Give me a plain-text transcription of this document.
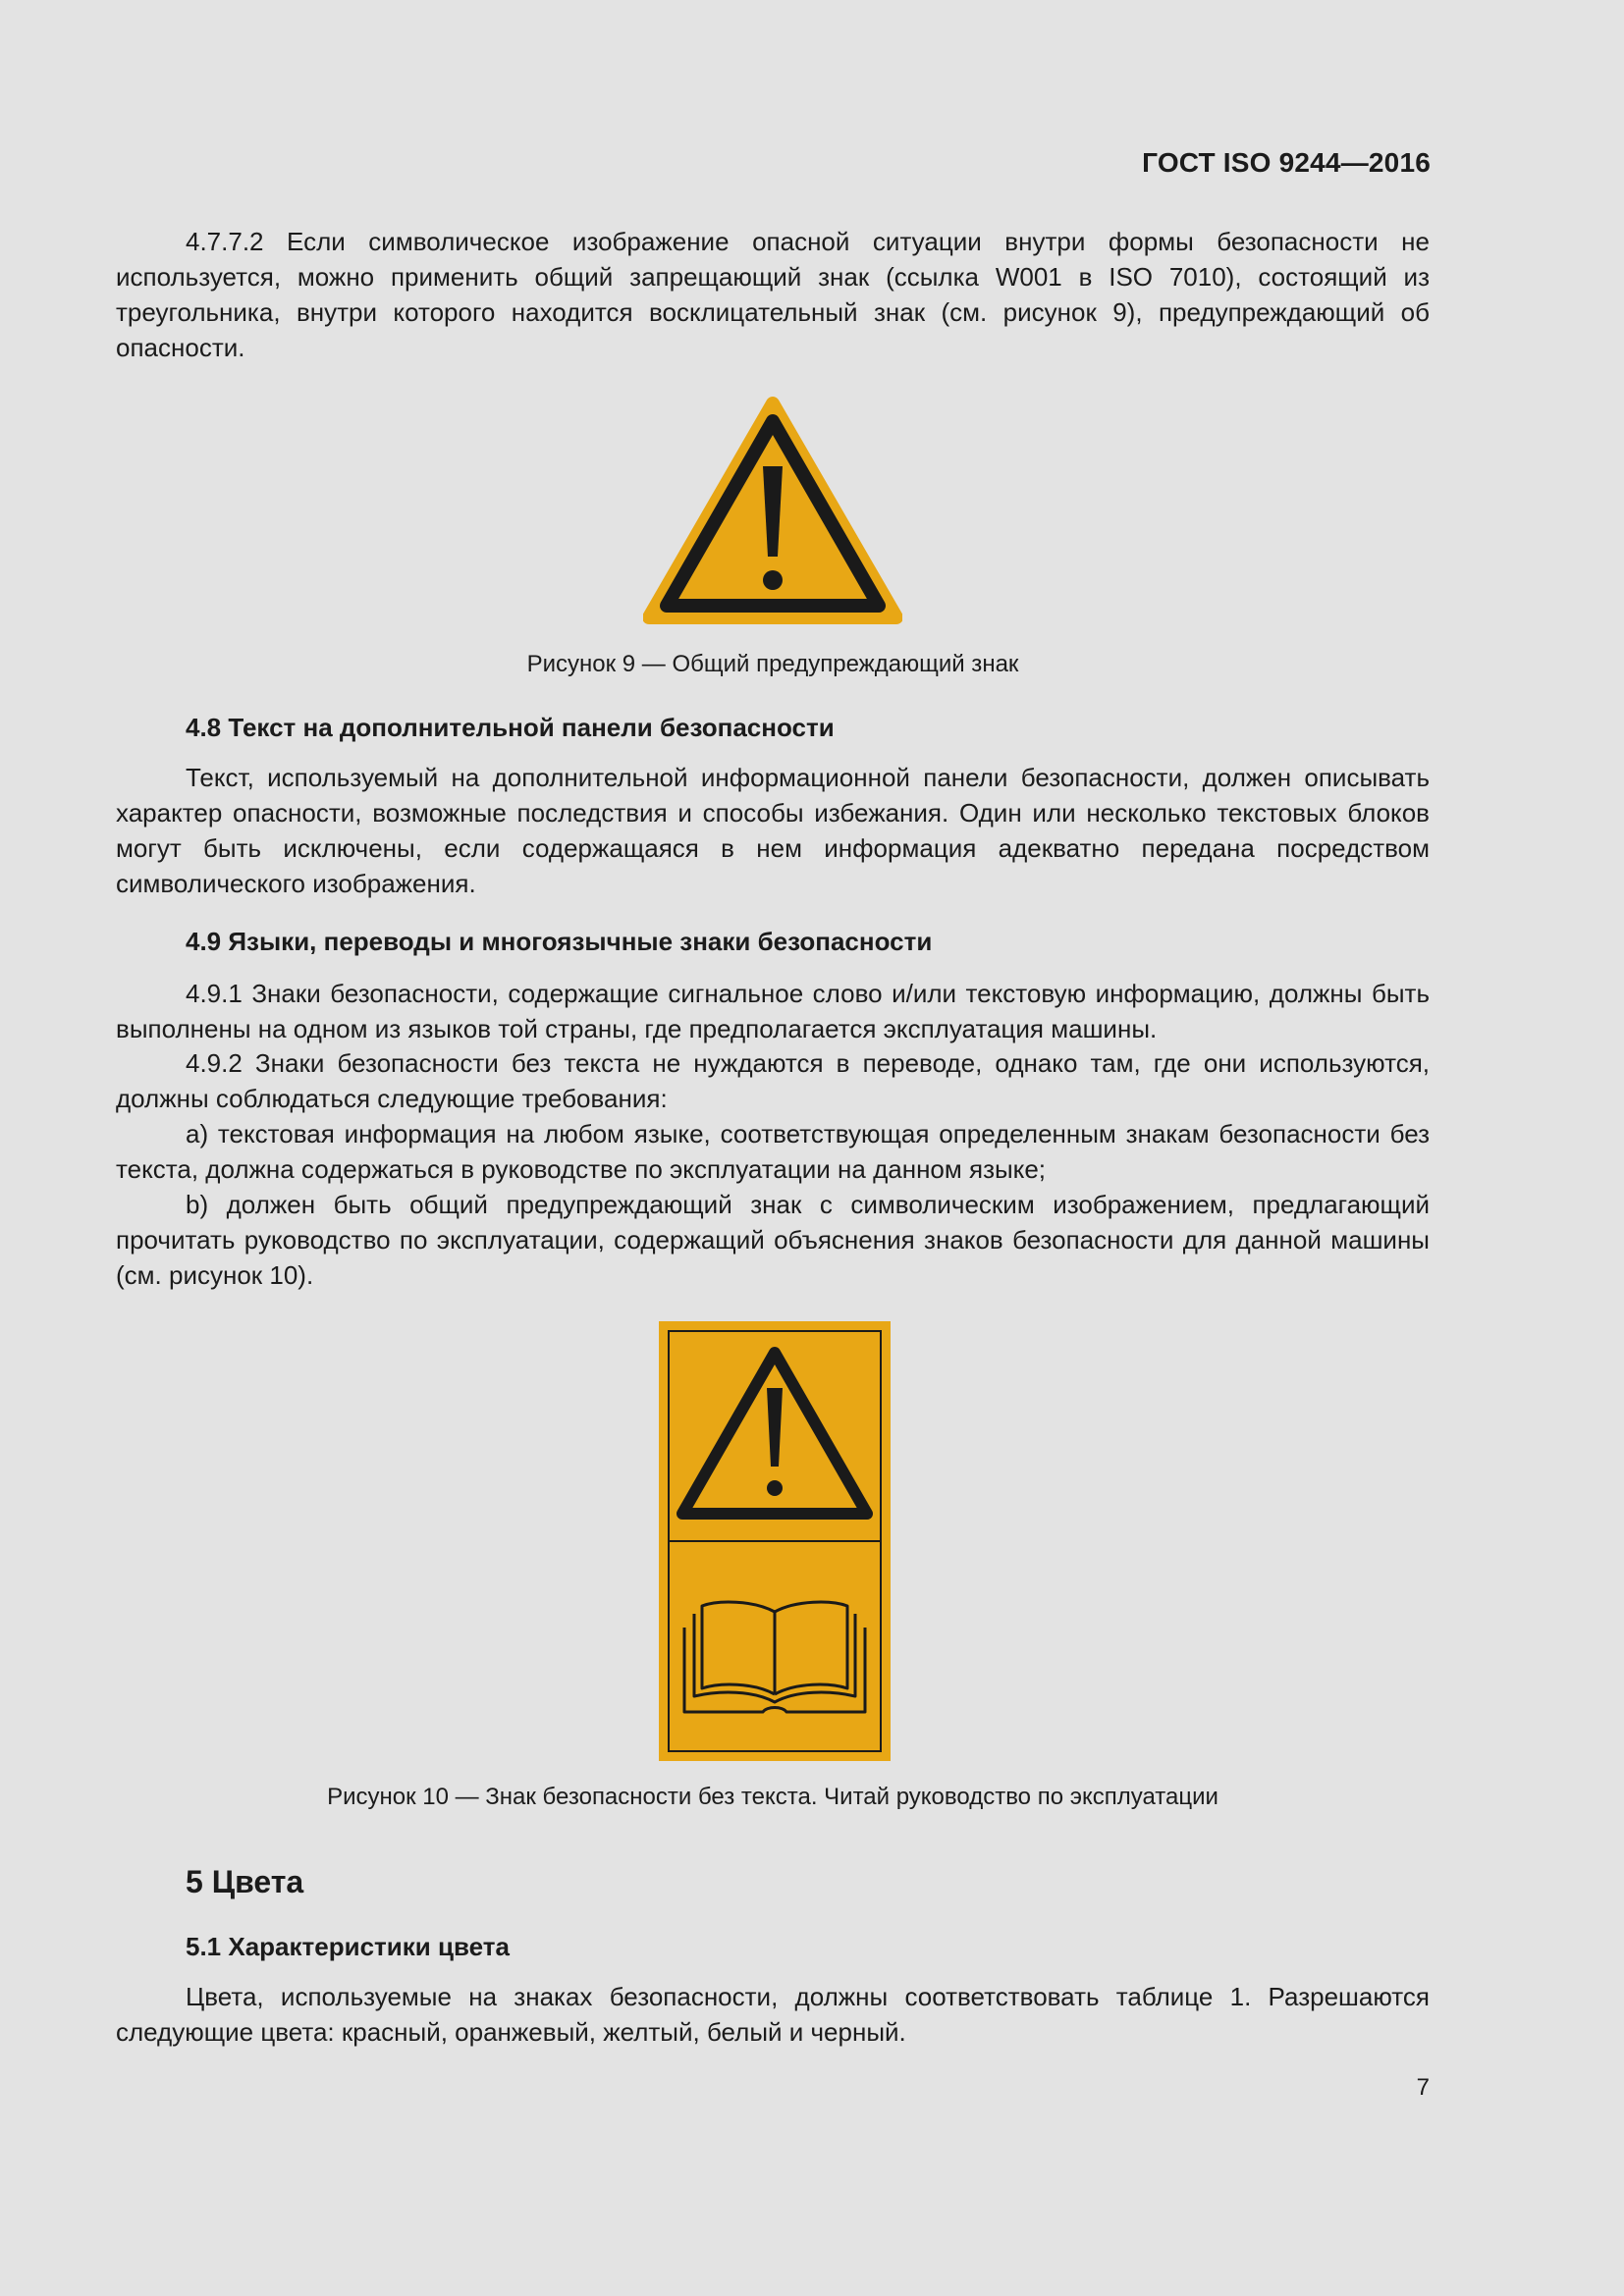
ГОСТ ISO 9244—2016
4.7.7.2 Если символическое изображение опасной ситуации внутри формы безопасности не используется, можно применить общий запрещающий знак (ссылка W001 в ISO 7010), состоящий из треугольника, внутри которого находится восклицательный знак (см. рисунок 9), предупреждающий об опасности.
Рисунок 9 — Общий предупреждающий знак
4.8 Текст на дополнительной панели безопасности
Текст, используемый на дополнительной информационной панели безопасности, должен описывать характер опасности, возможные последствия и способы избежания. Один или несколько текстовых блоков могут быть исключены, если содержащаяся в нем информация адекватно передана посредством символического изображения.
4.9 Языки, переводы и многоязычные знаки безопасности
4.9.1 Знаки безопасности, содержащие сигнальное слово и/или текстовую информацию, должны быть выполнены на одном из языков той страны, где предполагается эксплуатация машины.
4.9.2 Знаки безопасности без текста не нуждаются в переводе, однако там, где они используются, должны соблюдаться следующие требования:
a) текстовая информация на любом языке, соответствующая определенным знакам безопасности без текста, должна содержаться в руководстве по эксплуатации на данном языке;
b) должен быть общий предупреждающий знак с символическим изображением, предлагающий прочитать руководство по эксплуатации, содержащий объяснения знаков безопасности для данной машины (см. рисунок 10).
Рисунок 10 — Знак безопасности без текста. Читай руководство по эксплуатации
5 Цвета
5.1 Характеристики цвета
Цвета, используемые на знаках безопасности, должны соответствовать таблице 1. Разрешаются следующие цвета: красный, оранжевый, желтый, белый и черный.
7
